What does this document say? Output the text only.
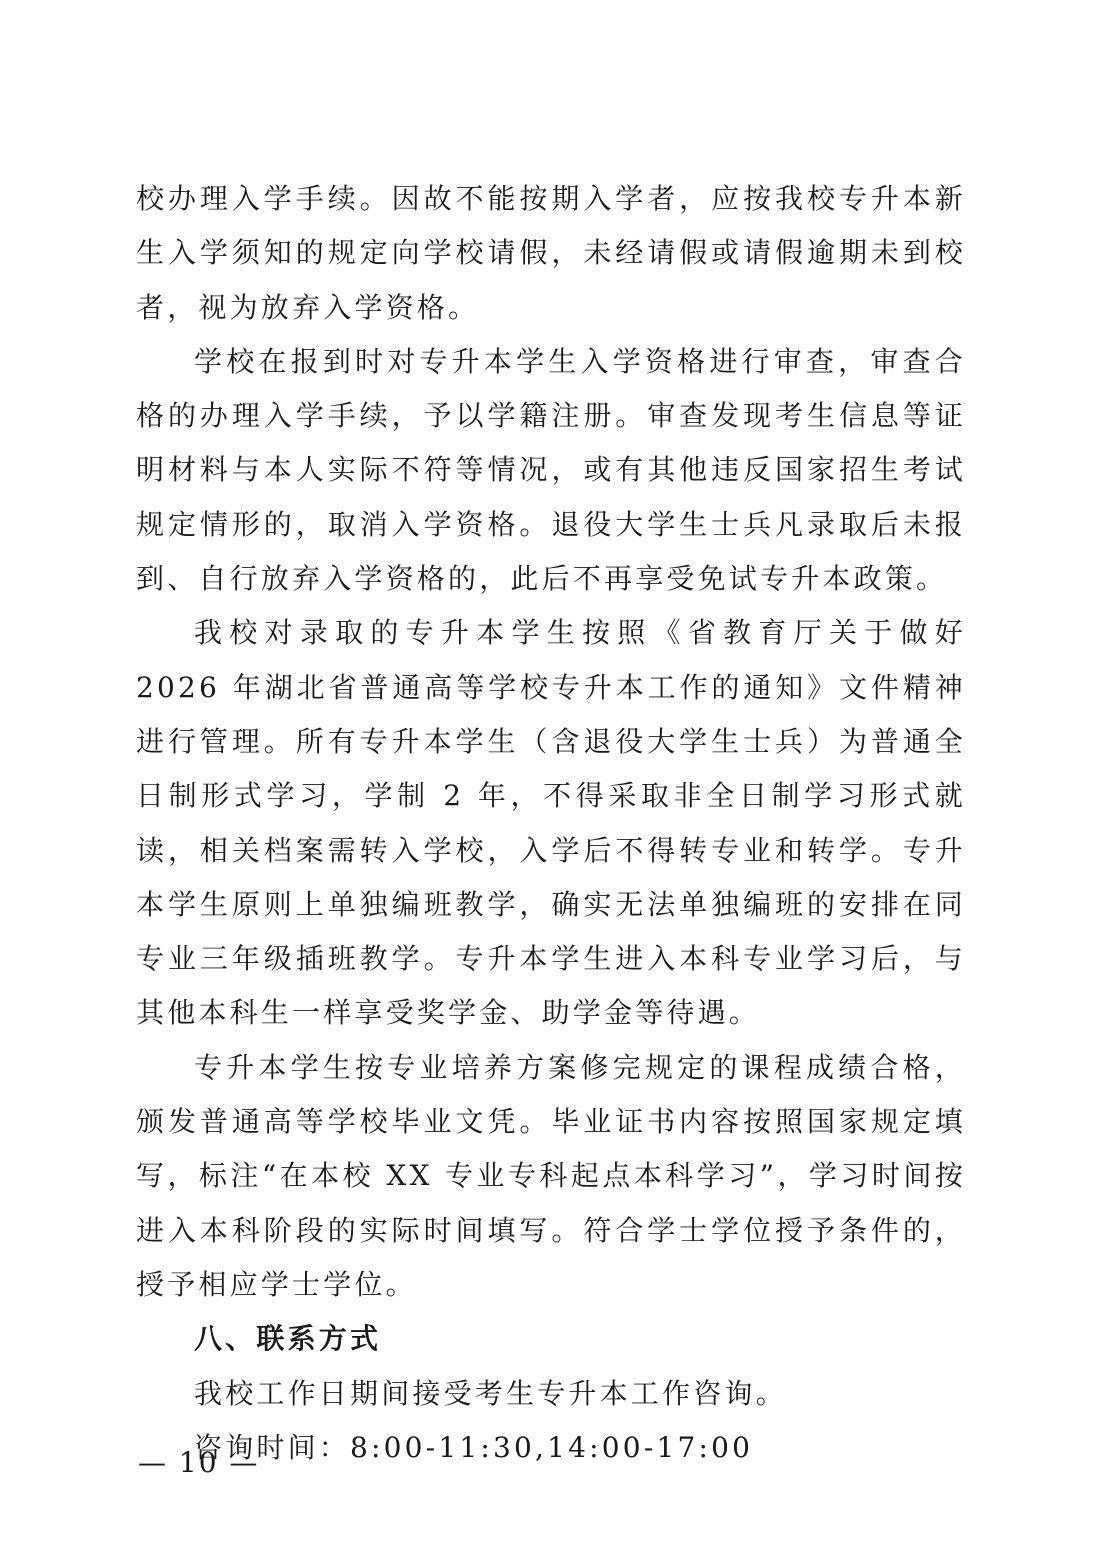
校办理入学手续。因故不能按期入学者，应按我校专升本新生入学须知的规定向学校请假，未经请假或请假逾期未到校者，视为放弃入学资格。

学校在报到时对专升本学生入学资格进行审查，审查合格的办理入学手续，予以学籍注册。审查发现考生信息等证明材料与本人实际不符等情况，或有其他违反国家招生考试规定情形的，取消入学资格。退役大学生士兵凡录取后未报到、自行放弃入学资格的，此后不再享受免试专升本政策。

我校对录取的专升本学生按照《省教育厅关于做好 2026 年湖北省普通高等学校专升本工作的通知》文件精神进行管理。所有专升本学生（含退役大学生士兵）为普通全日制形式学习，学制 2 年，不得采取非全日制学习形式就读，相关档案需转入学校，入学后不得转专业和转学。专升本学生原则上单独编班教学，确实无法单独编班的安排在同专业三年级插班教学。专升本学生进入本科专业学习后，与其他本科生一样享受奖学金、助学金等待遇。

专升本学生按专业培养方案修完规定的课程成绩合格，颁发普通高等学校毕业文凭。毕业证书内容按照国家规定填写，标注“在本校 XX 专业专科起点本科学习”，学习时间按进入本科阶段的实际时间填写。符合学士学位授予条件的，授予相应学士学位。

八、联系方式

我校工作日期间接受考生专升本工作咨询。

咨询时间：8:00-11:30,14:00-17:00

— 10 —
